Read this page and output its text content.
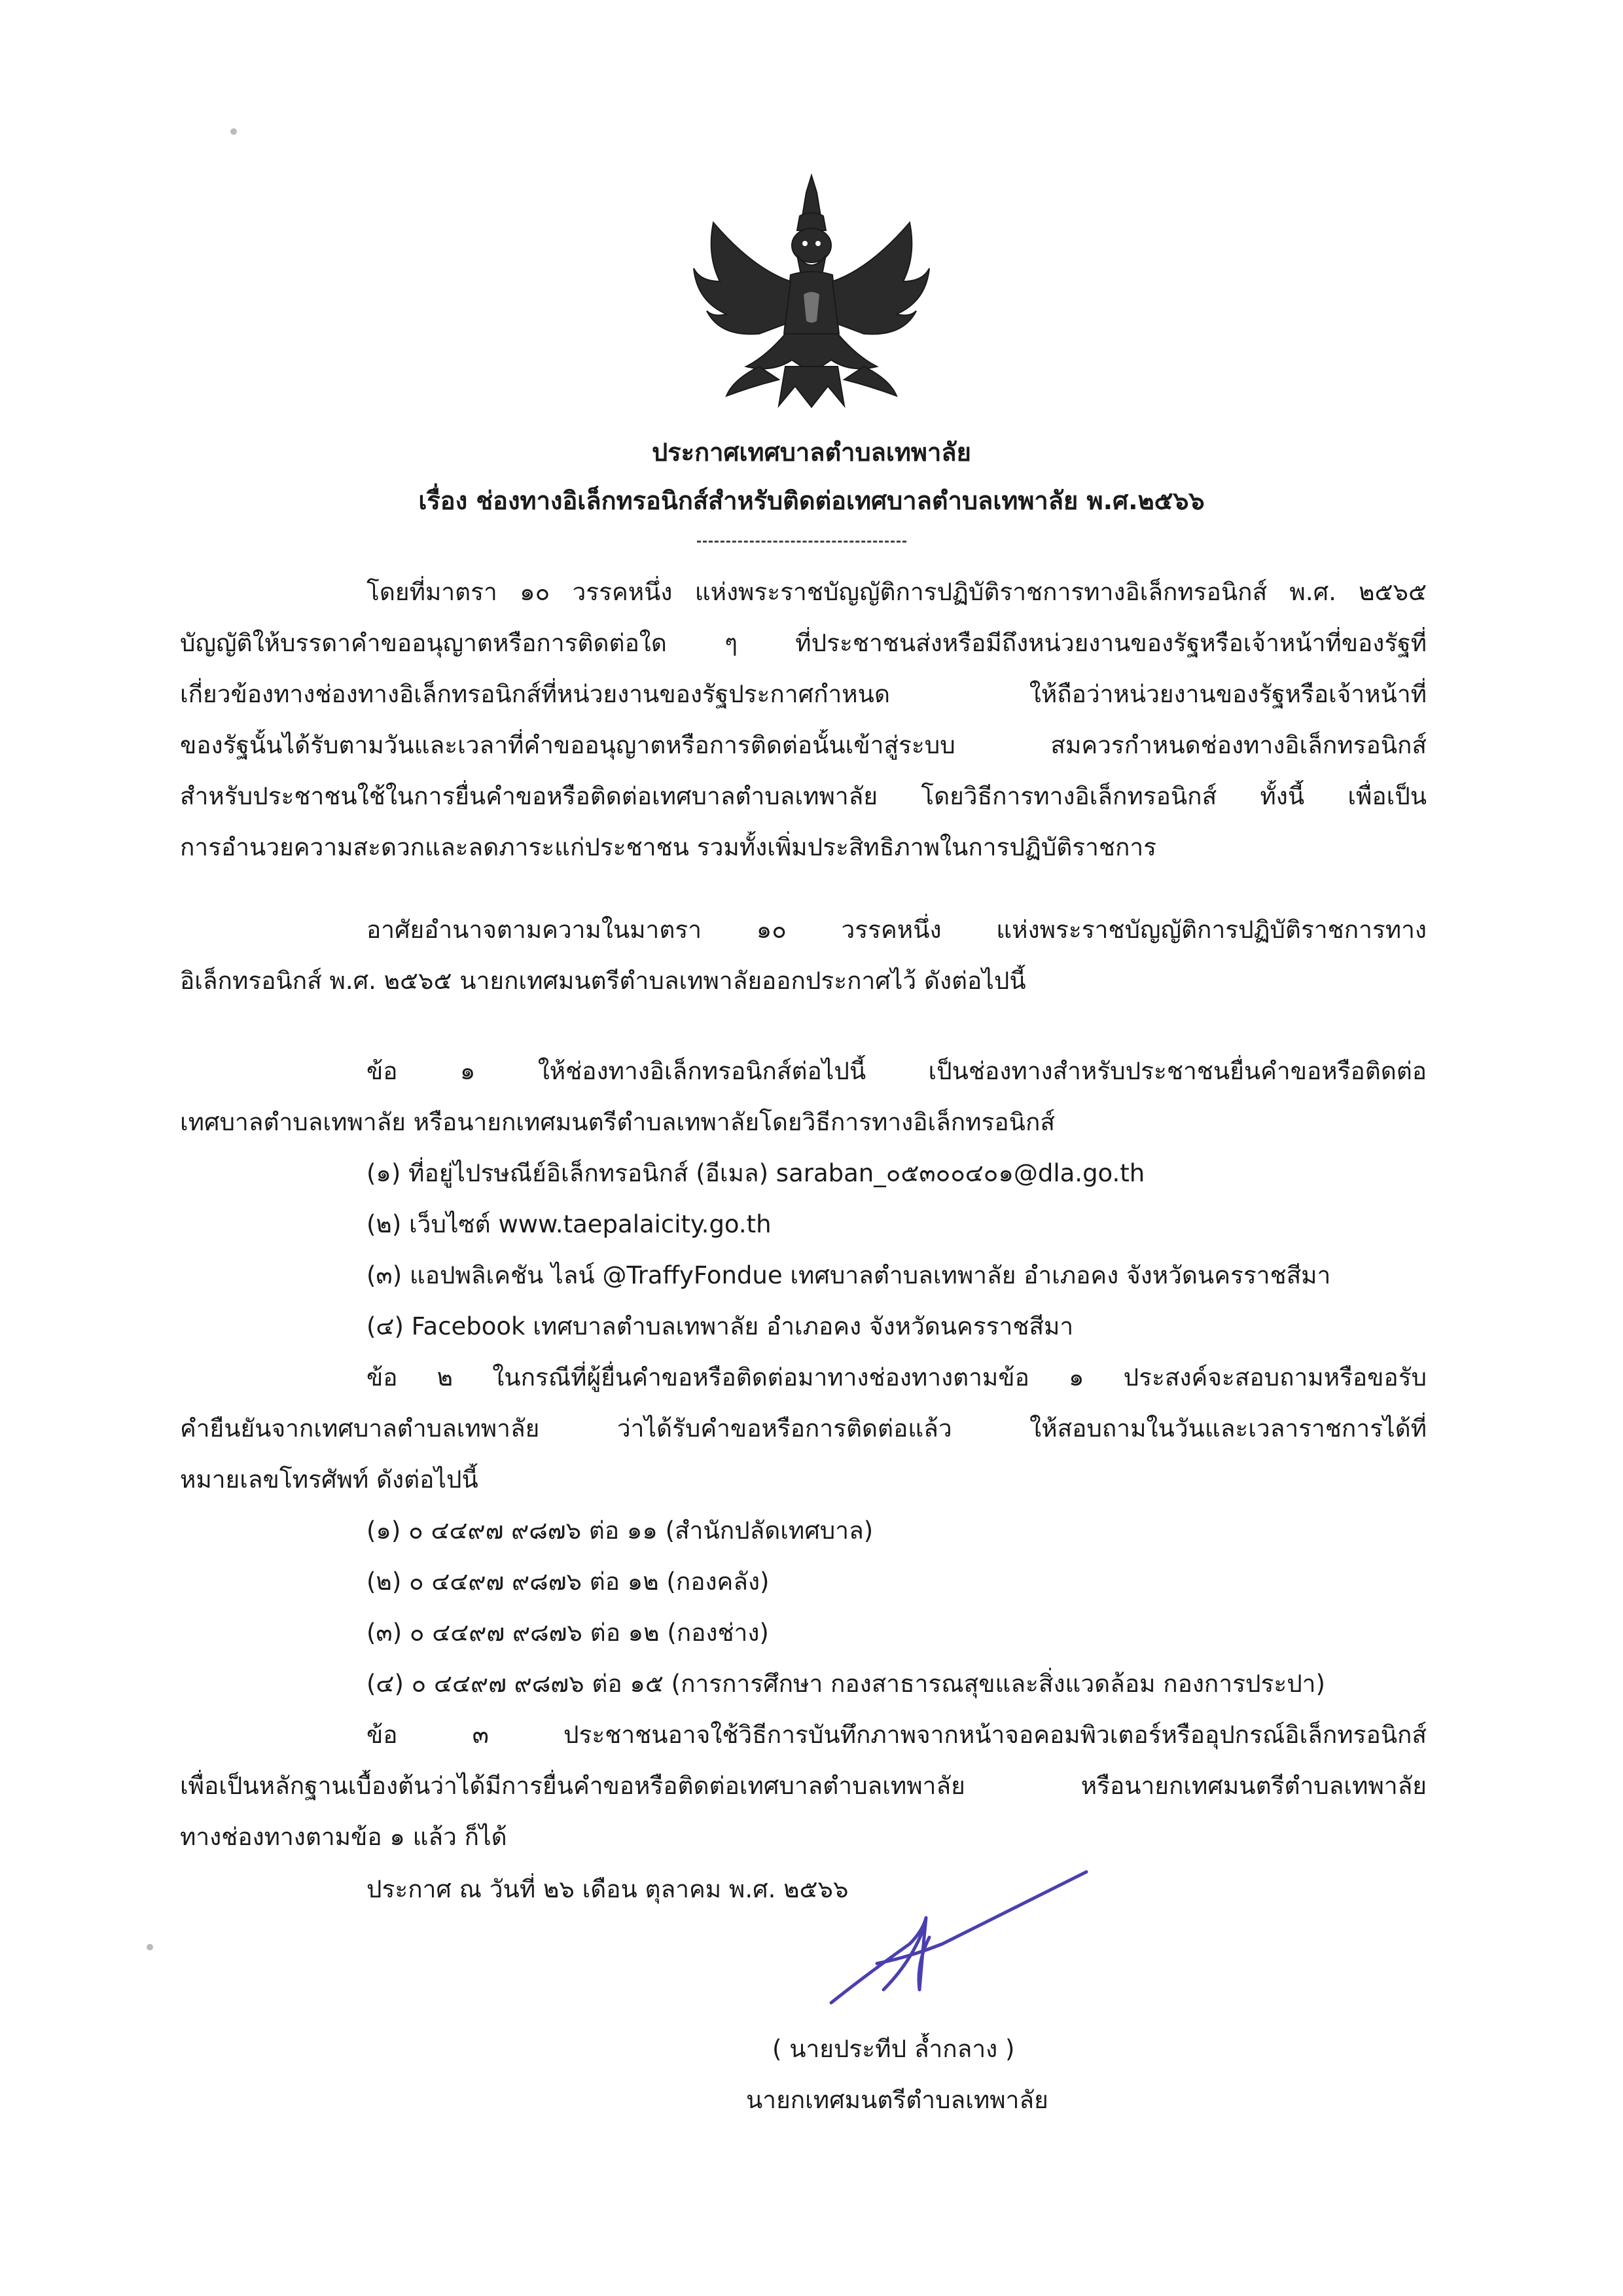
ประกาศเทศบาลตำบลเทพาลัย
เรื่อง ช่องทางอิเล็กทรอนิกส์สำหรับติดต่อเทศบาลตำบลเทพาลัย พ.ศ.๒๕๖๖
โดยที่มาตรา ๑๐ วรรคหนึ่ง แห่งพระราชบัญญัติการปฏิบัติราชการทางอิเล็กทรอนิกส์ พ.ศ. ๒๕๖๕
บัญญัติให้บรรดาคำขออนุญาตหรือการติดต่อใด ๆ ที่ประชาชนส่งหรือมีถึงหน่วยงานของรัฐหรือเจ้าหน้าที่ของรัฐที่
เกี่ยวข้องทางช่องทางอิเล็กทรอนิกส์ที่หน่วยงานของรัฐประกาศกำหนด ให้ถือว่าหน่วยงานของรัฐหรือเจ้าหน้าที่
ของรัฐนั้นได้รับตามวันและเวลาที่คำขออนุญาตหรือการติดต่อนั้นเข้าสู่ระบบ สมควรกำหนดช่องทางอิเล็กทรอนิกส์
สำหรับประชาชนใช้ในการยื่นคำขอหรือติดต่อเทศบาลตำบลเทพาลัย โดยวิธีการทางอิเล็กทรอนิกส์ ทั้งนี้ เพื่อเป็น
การอำนวยความสะดวกและลดภาระแก่ประชาชน รวมทั้งเพิ่มประสิทธิภาพในการปฏิบัติราชการ
อาศัยอำนาจตามความในมาตรา ๑๐ วรรคหนึ่ง แห่งพระราชบัญญัติการปฏิบัติราชการทาง
อิเล็กทรอนิกส์ พ.ศ. ๒๕๖๕ นายกเทศมนตรีตำบลเทพาลัยออกประกาศไว้ ดังต่อไปนี้
ข้อ ๑ ให้ช่องทางอิเล็กทรอนิกส์ต่อไปนี้ เป็นช่องทางสำหรับประชาชนยื่นคำขอหรือติดต่อ
เทศบาลตำบลเทพาลัย หรือนายกเทศมนตรีตำบลเทพาลัยโดยวิธีการทางอิเล็กทรอนิกส์
(๑) ที่อยู่ไปรษณีย์อิเล็กทรอนิกส์ (อีเมล) saraban_๐๕๓๐๐๔๐๑@dla.go.th
(๒) เว็บไซต์ www.taepalaicity.go.th
(๓) แอปพลิเคชัน ไลน์ @TraffyFondue เทศบาลตำบลเทพาลัย อำเภอคง จังหวัดนครราชสีมา
(๔) Facebook เทศบาลตำบลเทพาลัย อำเภอคง จังหวัดนครราชสีมา
ข้อ ๒ ในกรณีที่ผู้ยื่นคำขอหรือติดต่อมาทางช่องทางตามข้อ ๑ ประสงค์จะสอบถามหรือขอรับ
คำยืนยันจากเทศบาลตำบลเทพาลัย ว่าได้รับคำขอหรือการติดต่อแล้ว ให้สอบถามในวันและเวลาราชการได้ที่
หมายเลขโทรศัพท์ ดังต่อไปนี้
(๑) ๐ ๔๔๙๗ ๙๘๗๖ ต่อ ๑๑ (สำนักปลัดเทศบาล)
(๒) ๐ ๔๔๙๗ ๙๘๗๖ ต่อ ๑๒ (กองคลัง)
(๓) ๐ ๔๔๙๗ ๙๘๗๖ ต่อ ๑๒ (กองช่าง)
(๔) ๐ ๔๔๙๗ ๙๘๗๖ ต่อ ๑๕ (การการศึกษา กองสาธารณสุขและสิ่งแวดล้อม กองการประปา)
ข้อ ๓ ประชาชนอาจใช้วิธีการบันทึกภาพจากหน้าจอคอมพิวเตอร์หรืออุปกรณ์อิเล็กทรอนิกส์
เพื่อเป็นหลักฐานเบื้องต้นว่าได้มีการยื่นคำขอหรือติดต่อเทศบาลตำบลเทพาลัย หรือนายกเทศมนตรีตำบลเทพาลัย
ทางช่องทางตามข้อ ๑ แล้ว ก็ได้
ประกาศ ณ วันที่ ๒๖ เดือน ตุลาคม พ.ศ. ๒๕๖๖
( นายประทีป ล้ำกลาง )
นายกเทศมนตรีตำบลเทพาลัย
